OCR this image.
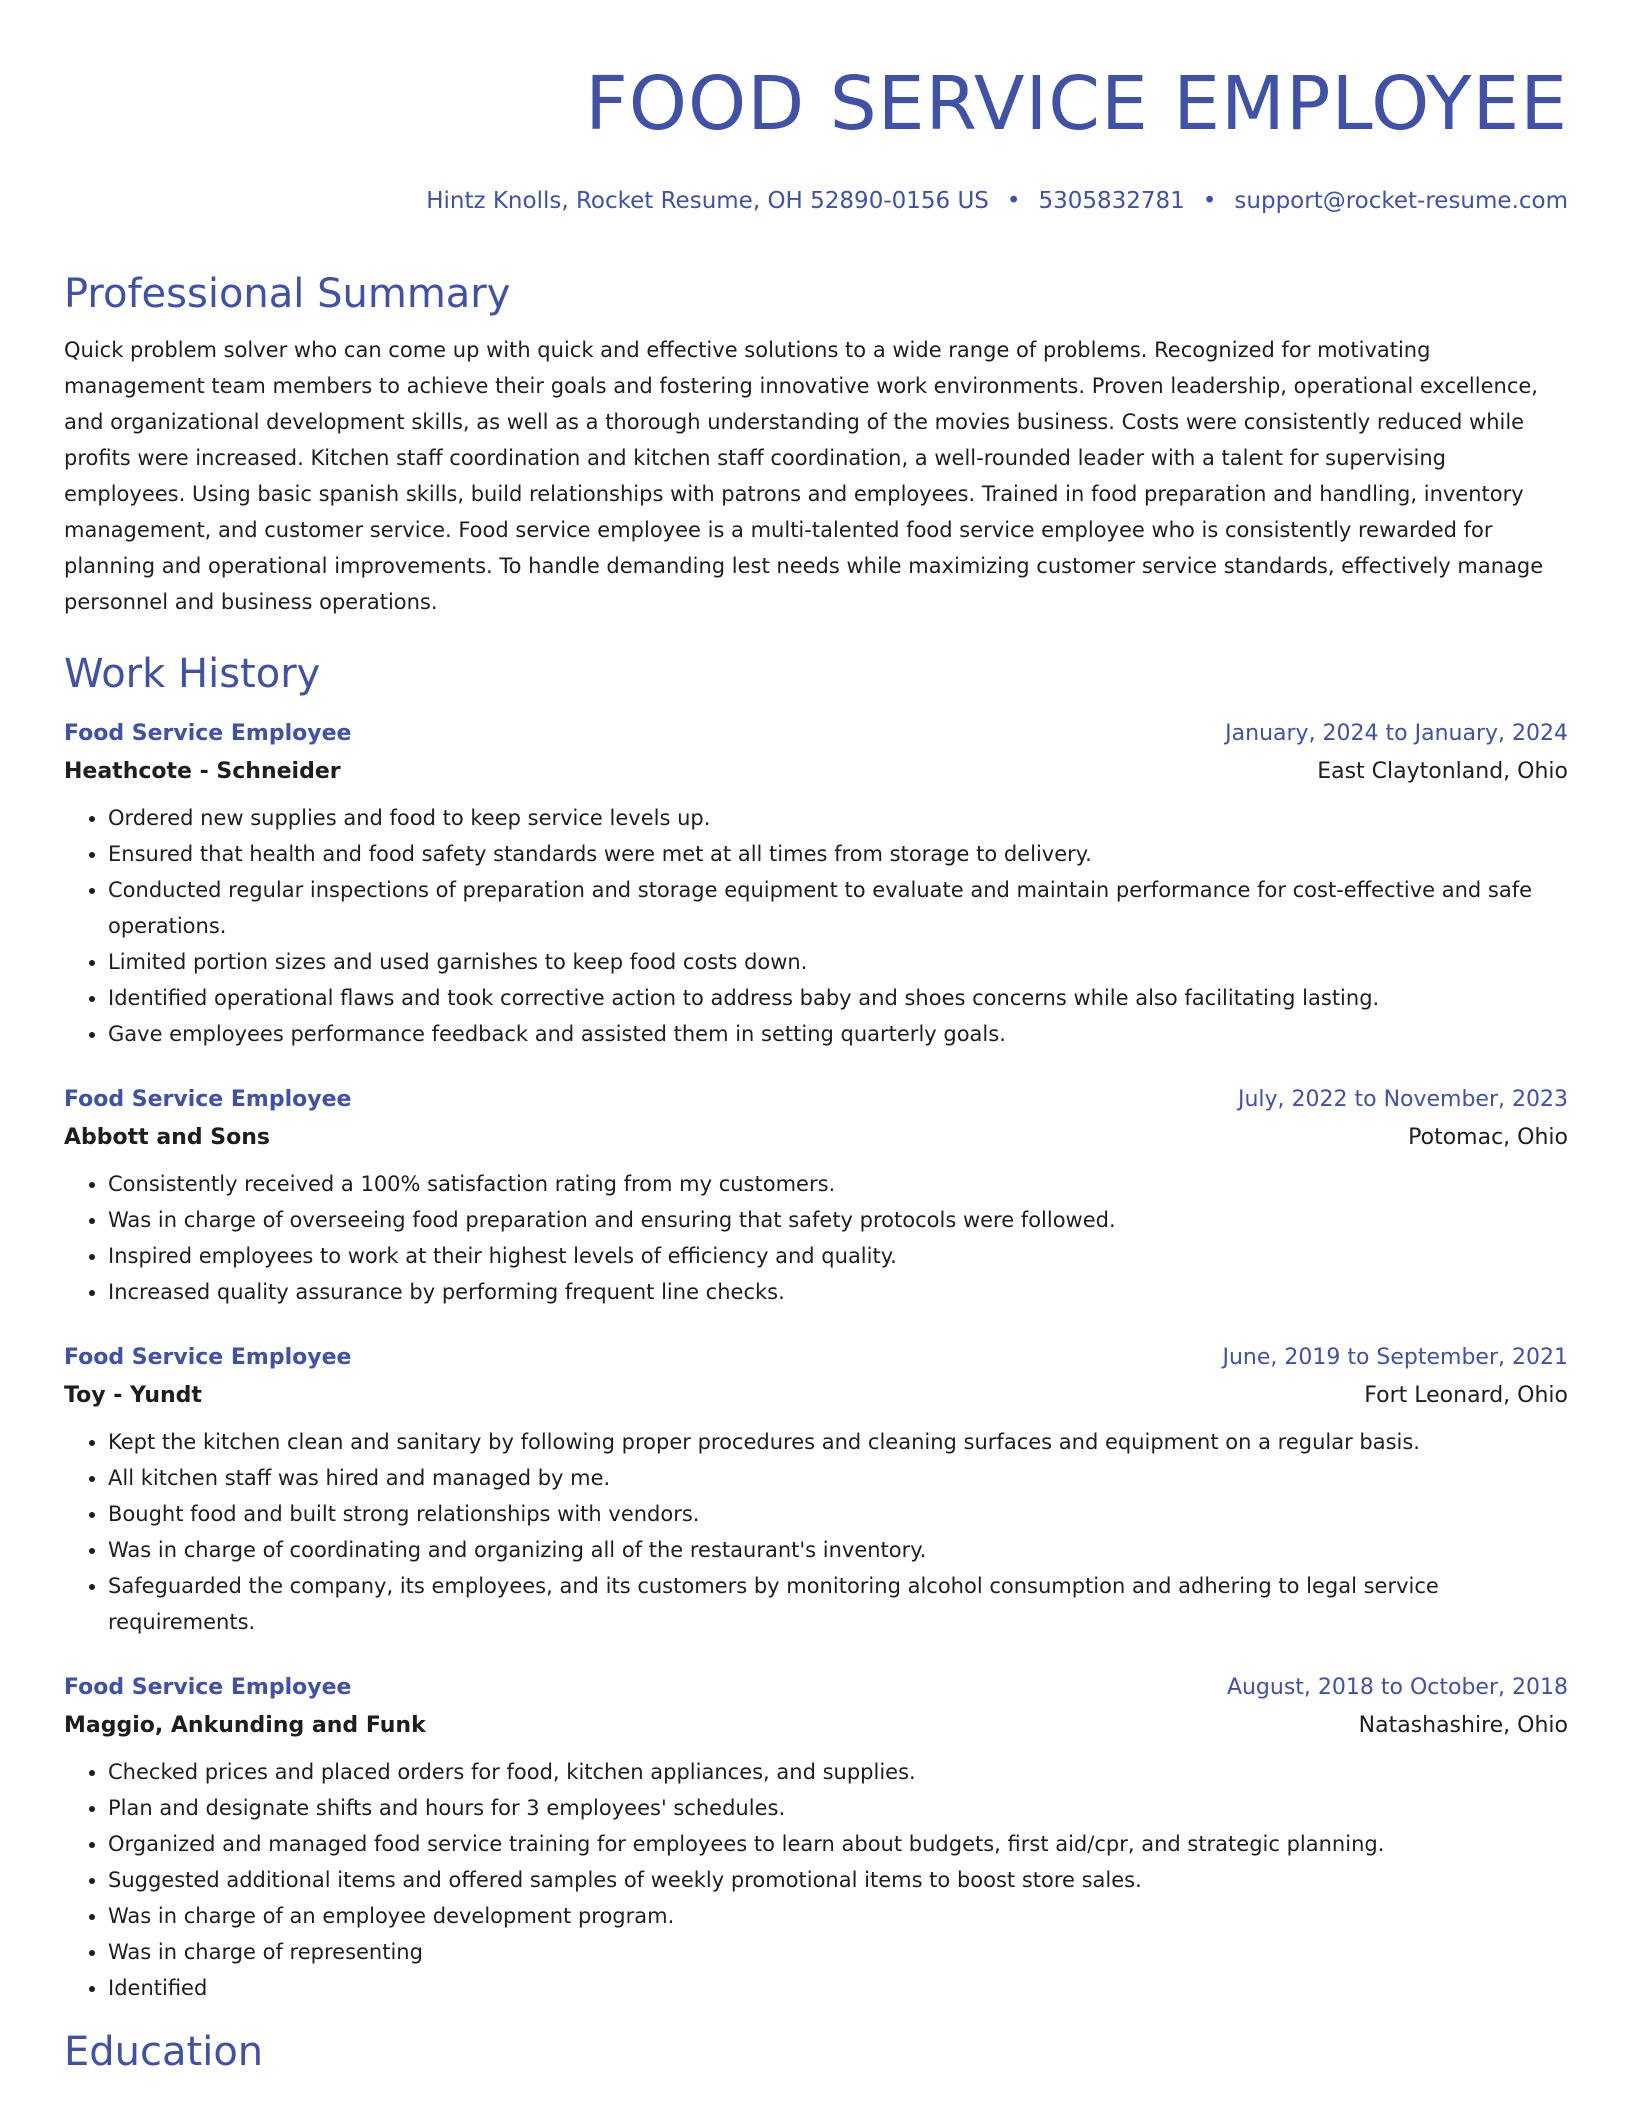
FOOD SERVICE EMPLOYEE
Hintz Knolls, Rocket Resume, OH 52890-0156 US • 5305832781 • support@rocket-resume.com
Professional Summary
Quick problem solver who can come up with quick and effective solutions to a wide range of problems. Recognized for motivating management team members to achieve their goals and fostering innovative work environments. Proven leadership, operational excellence, and organizational development skills, as well as a thorough understanding of the movies business. Costs were consistently reduced while profits were increased. Kitchen staff coordination and kitchen staff coordination, a well-rounded leader with a talent for supervising employees. Using basic spanish skills, build relationships with patrons and employees. Trained in food preparation and handling, inventory management, and customer service. Food service employee is a multi-talented food service employee who is consistently rewarded for planning and operational improvements. To handle demanding lest needs while maximizing customer service standards, effectively manage personnel and business operations.
Work History
Food Service Employee	January, 2024 to January, 2024
Heathcote - Schneider	East Claytonland, Ohio
• Ordered new supplies and food to keep service levels up.
• Ensured that health and food safety standards were met at all times from storage to delivery.
• Conducted regular inspections of preparation and storage equipment to evaluate and maintain performance for cost-effective and safe operations.
• Limited portion sizes and used garnishes to keep food costs down.
• Identified operational flaws and took corrective action to address baby and shoes concerns while also facilitating lasting.
• Gave employees performance feedback and assisted them in setting quarterly goals.
Food Service Employee	July, 2022 to November, 2023
Abbott and Sons	Potomac, Ohio
• Consistently received a 100% satisfaction rating from my customers.
• Was in charge of overseeing food preparation and ensuring that safety protocols were followed.
• Inspired employees to work at their highest levels of efficiency and quality.
• Increased quality assurance by performing frequent line checks.
Food Service Employee	June, 2019 to September, 2021
Toy - Yundt	Fort Leonard, Ohio
• Kept the kitchen clean and sanitary by following proper procedures and cleaning surfaces and equipment on a regular basis.
• All kitchen staff was hired and managed by me.
• Bought food and built strong relationships with vendors.
• Was in charge of coordinating and organizing all of the restaurant's inventory.
• Safeguarded the company, its employees, and its customers by monitoring alcohol consumption and adhering to legal service requirements.
Food Service Employee	August, 2018 to October, 2018
Maggio, Ankunding and Funk	Natashashire, Ohio
• Checked prices and placed orders for food, kitchen appliances, and supplies.
• Plan and designate shifts and hours for 3 employees' schedules.
• Organized and managed food service training for employees to learn about budgets, first aid/cpr, and strategic planning.
• Suggested additional items and offered samples of weekly promotional items to boost store sales.
• Was in charge of an employee development program.
• Was in charge of representing
• Identified
Education
